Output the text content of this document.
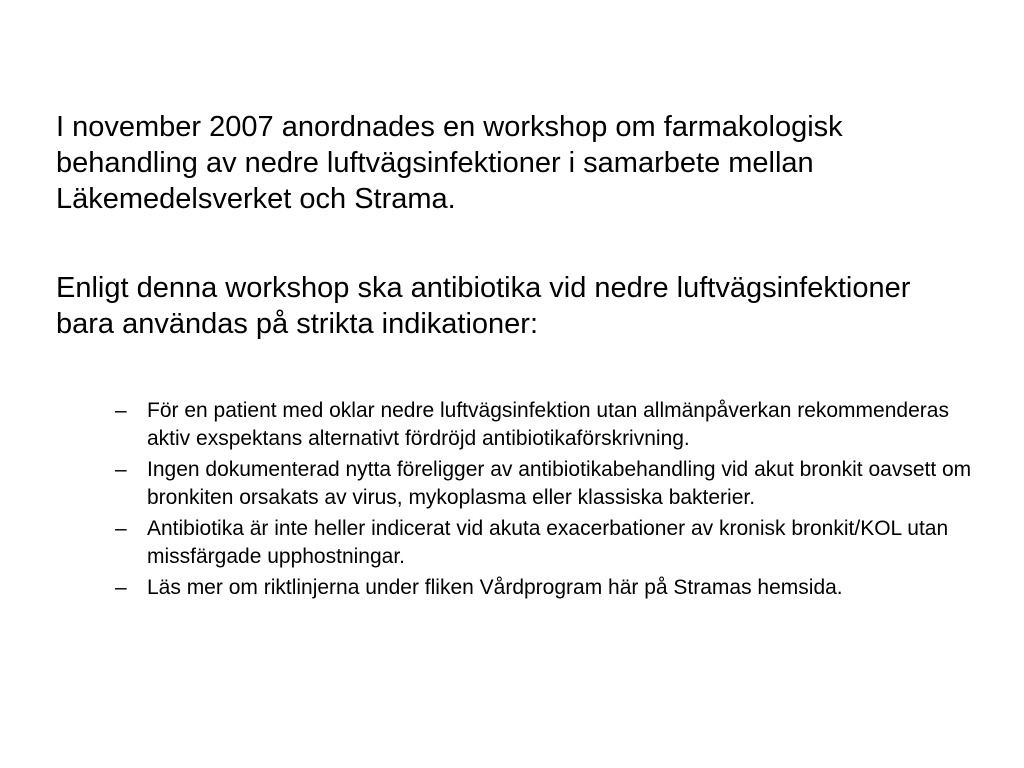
I november 2007 anordnades en workshop om farmakologisk behandling av nedre luftvägsinfektioner i samarbete mellan Läkemedelsverket och Strama.

Enligt denna workshop ska antibiotika vid nedre luftvägsinfektioner bara användas på strikta indikationer:

– För en patient med oklar nedre luftvägsinfektion utan allmänpåverkan rekommenderas aktiv exspektans alternativt fördröjd antibiotikaförskrivning.
– Ingen dokumenterad nytta föreligger av antibiotikabehandling vid akut bronkit oavsett om bronkiten orsakats av virus, mykoplasma eller klassiska bakterier.
– Antibiotika är inte heller indicerat vid akuta exacerbationer av kronisk bronkit/KOL utan missfärgade upphostningar.
– Läs mer om riktlinjerna under fliken Vårdprogram här på Stramas hemsida.
